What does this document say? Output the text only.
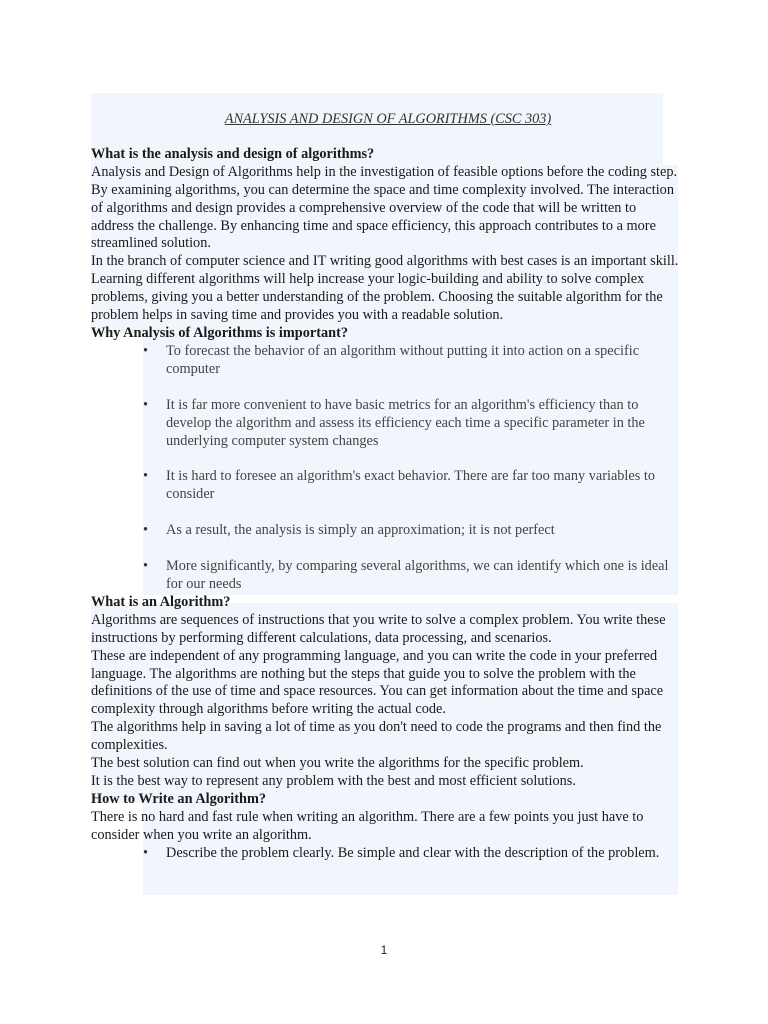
ANALYSIS AND DESIGN OF ALGORITHMS (CSC 303)

What is the analysis and design of algorithms?

Analysis and Design of Algorithms help in the investigation of feasible options before the coding step. By examining algorithms, you can determine the space and time complexity involved. The interaction of algorithms and design provides a comprehensive overview of the code that will be written to address the challenge. By enhancing time and space efficiency, this approach contributes to a more streamlined solution.

In the branch of computer science and IT writing good algorithms with best cases is an important skill. Learning different algorithms will help increase your logic-building and ability to solve complex problems, giving you a better understanding of the problem. Choosing the suitable algorithm for the problem helps in saving time and provides you with a readable solution.

Why Analysis of Algorithms is important?

• To forecast the behavior of an algorithm without putting it into action on a specific computer
• It is far more convenient to have basic metrics for an algorithm's efficiency than to develop the algorithm and assess its efficiency each time a specific parameter in the underlying computer system changes
• It is hard to foresee an algorithm's exact behavior. There are far too many variables to consider
• As a result, the analysis is simply an approximation; it is not perfect
• More significantly, by comparing several algorithms, we can identify which one is ideal for our needs

What is an Algorithm?

Algorithms are sequences of instructions that you write to solve a complex problem. You write these instructions by performing different calculations, data processing, and scenarios.

These are independent of any programming language, and you can write the code in your preferred language. The algorithms are nothing but the steps that guide you to solve the problem with the definitions of the use of time and space resources. You can get information about the time and space complexity through algorithms before writing the actual code.

The algorithms help in saving a lot of time as you don't need to code the programs and then find the complexities.

The best solution can find out when you write the algorithms for the specific problem.

It is the best way to represent any problem with the best and most efficient solutions.

How to Write an Algorithm?

There is no hard and fast rule when writing an algorithm. There are a few points you just have to consider when you write an algorithm.

• Describe the problem clearly. Be simple and clear with the description of the problem.
1
